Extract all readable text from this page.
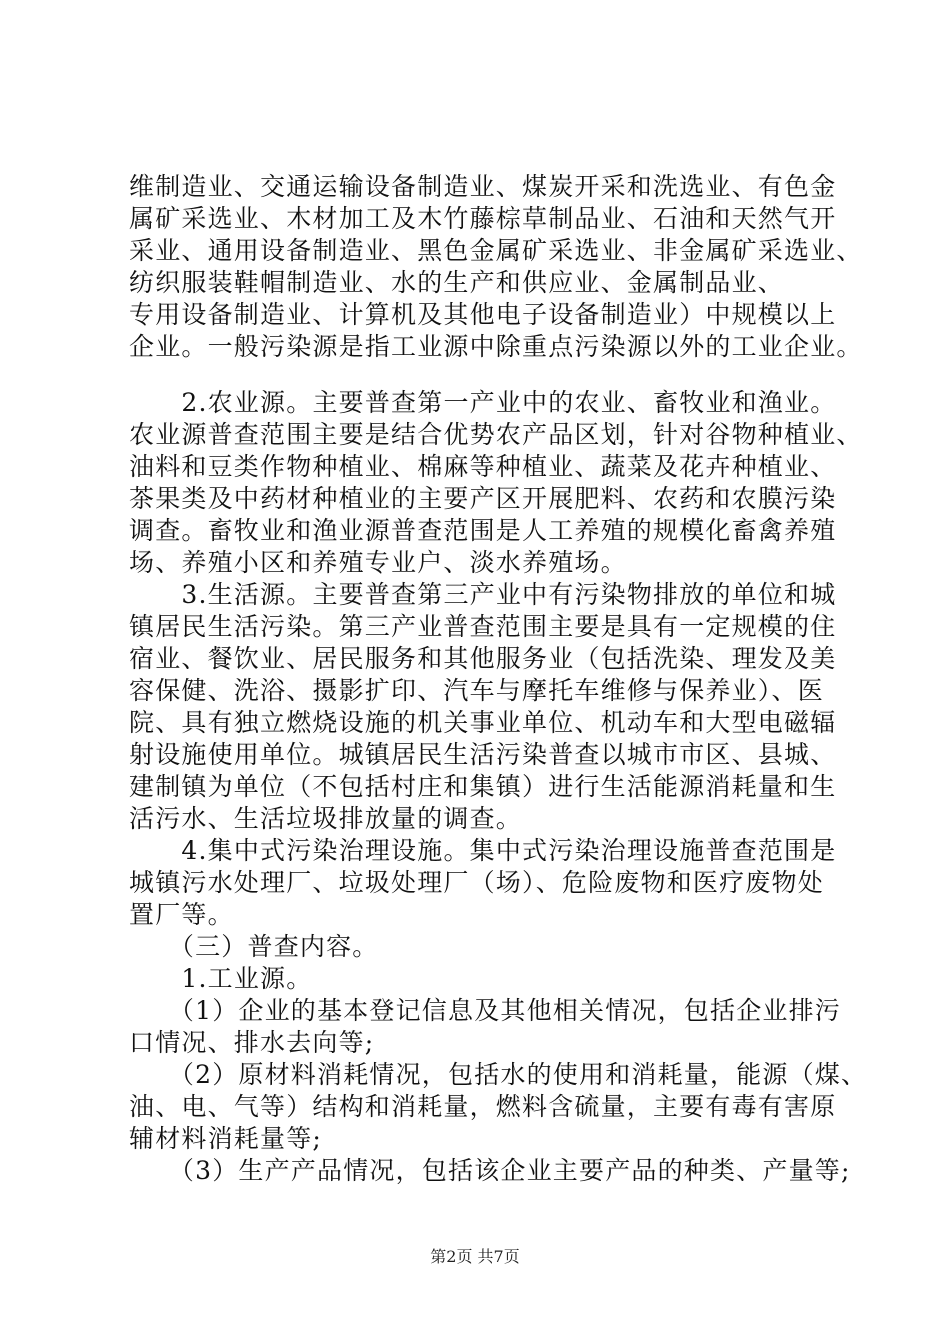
维制造业、交通运输设备制造业、煤炭开采和洗选业、有色金
属矿采选业、木材加工及木竹藤棕草制品业、石油和天然气开
采业、通用设备制造业、黑色金属矿采选业、非金属矿采选业、
纺织服装鞋帽制造业、水的生产和供应业、金属制品业、
专用设备制造业、计算机及其他电子设备制造业）中规模以上
企业。一般污染源是指工业源中除重点污染源以外的工业企业。
　　2.农业源。主要普查第一产业中的农业、畜牧业和渔业。
农业源普查范围主要是结合优势农产品区划，针对谷物种植业、
油料和豆类作物种植业、棉麻等种植业、蔬菜及花卉种植业、
茶果类及中药材种植业的主要产区开展肥料、农药和农膜污染
调查。畜牧业和渔业源普查范围是人工养殖的规模化畜禽养殖
场、养殖小区和养殖专业户、淡水养殖场。
　　3.生活源。主要普查第三产业中有污染物排放的单位和城
镇居民生活污染。第三产业普查范围主要是具有一定规模的住
宿业、餐饮业、居民服务和其他服务业（包括洗染、理发及美
容保健、洗浴、摄影扩印、汽车与摩托车维修与保养业）、医
院、具有独立燃烧设施的机关事业单位、机动车和大型电磁辐
射设施使用单位。城镇居民生活污染普查以城市市区、县城、
建制镇为单位（不包括村庄和集镇）进行生活能源消耗量和生
活污水、生活垃圾排放量的调查。
　　4.集中式污染治理设施。集中式污染治理设施普查范围是
城镇污水处理厂、垃圾处理厂（场）、危险废物和医疗废物处
置厂等。
　　（三）普查内容。
　　1.工业源。
　　（1）企业的基本登记信息及其他相关情况，包括企业排污
口情况、排水去向等;
　　（2）原材料消耗情况，包括水的使用和消耗量，能源（煤、
油、电、气等）结构和消耗量，燃料含硫量，主要有毒有害原
辅材料消耗量等;
　　（3）生产产品情况，包括该企业主要产品的种类、产量等;
第2页 共7页
